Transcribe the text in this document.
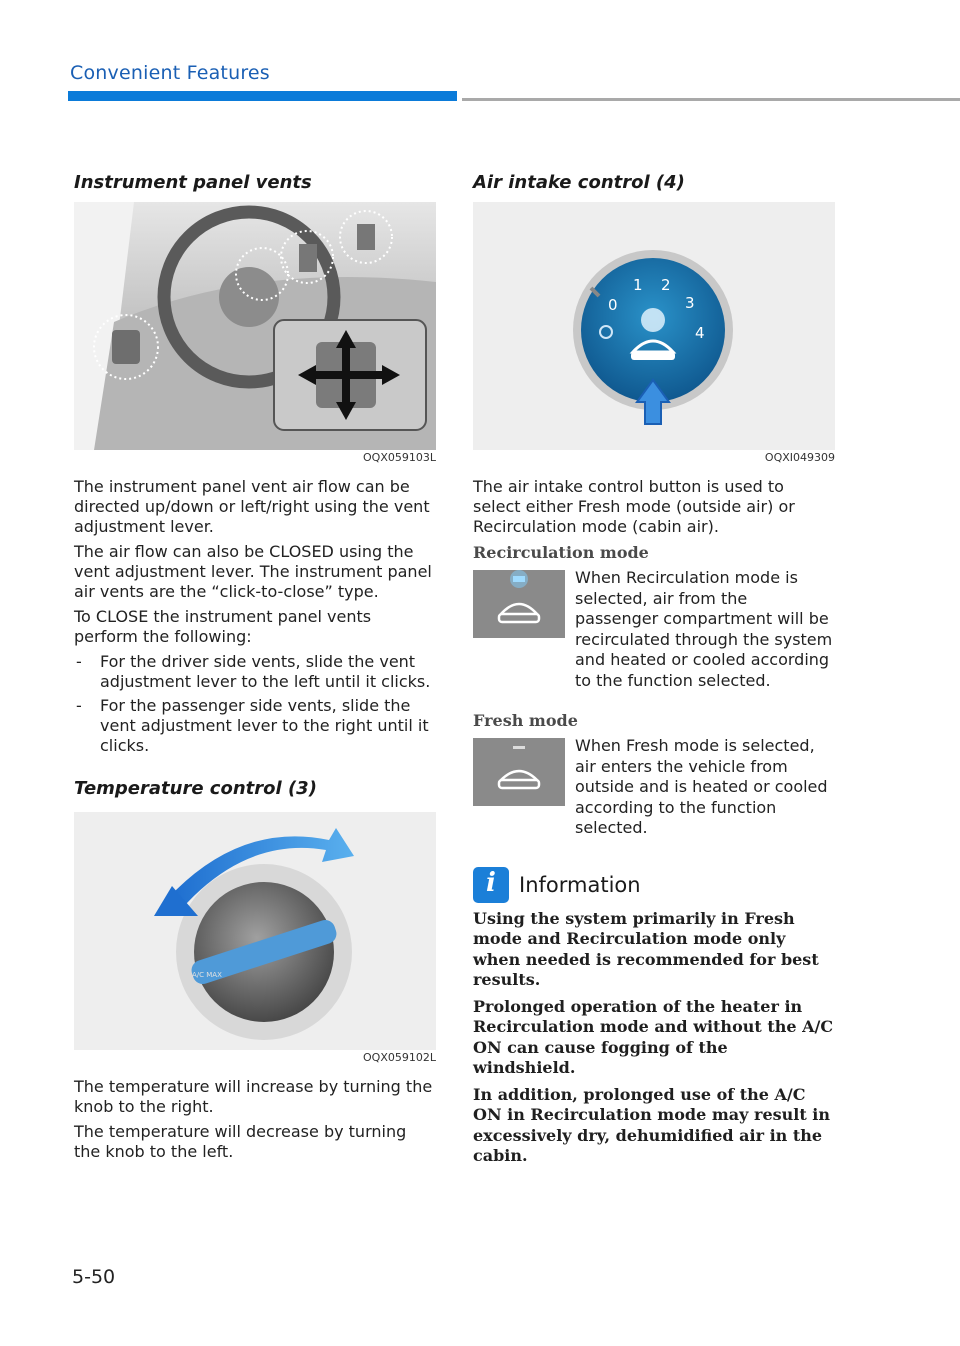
Convenient Features
Instrument panel vents
OQX059103L

The instrument panel vent air flow can be directed up/down or left/right using the vent adjustment lever.

The air flow can also be CLOSED using the vent adjustment lever. The instrument panel air vents are the “click-to-close” type.

To CLOSE the instrument panel vents perform the following:

- For the driver side vents, slide the vent adjustment lever to the left until it clicks.
- For the passenger side vents, slide the vent adjustment lever to the right until it clicks.
Temperature control (3)
A/C MAX
OQX059102L

The temperature will increase by turning the knob to the right.

The temperature will decrease by turning the knob to the left.

Air intake control (4)
0
1 2
3
4
OQXI049309

The air intake control button is used to select either Fresh mode (outside air) or Recirculation mode (cabin air).

Recirculation mode
When Recirculation mode is selected, air from the passenger compartment will be recirculated through the system and heated or cooled according to the function selected.
Fresh mode
When Fresh mode is selected, air enters the vehicle from outside and is heated or cooled according to the function selected.
i	Information

Using the system primarily in Fresh mode and Recirculation mode only when needed is recommended for best results.

Prolonged operation of the heater in Recirculation mode and without the A/C ON can cause fogging of the windshield.

In addition, prolonged use of the A/C ON in Recirculation mode may result in excessively dry, dehumidified air in the cabin.

5-50
